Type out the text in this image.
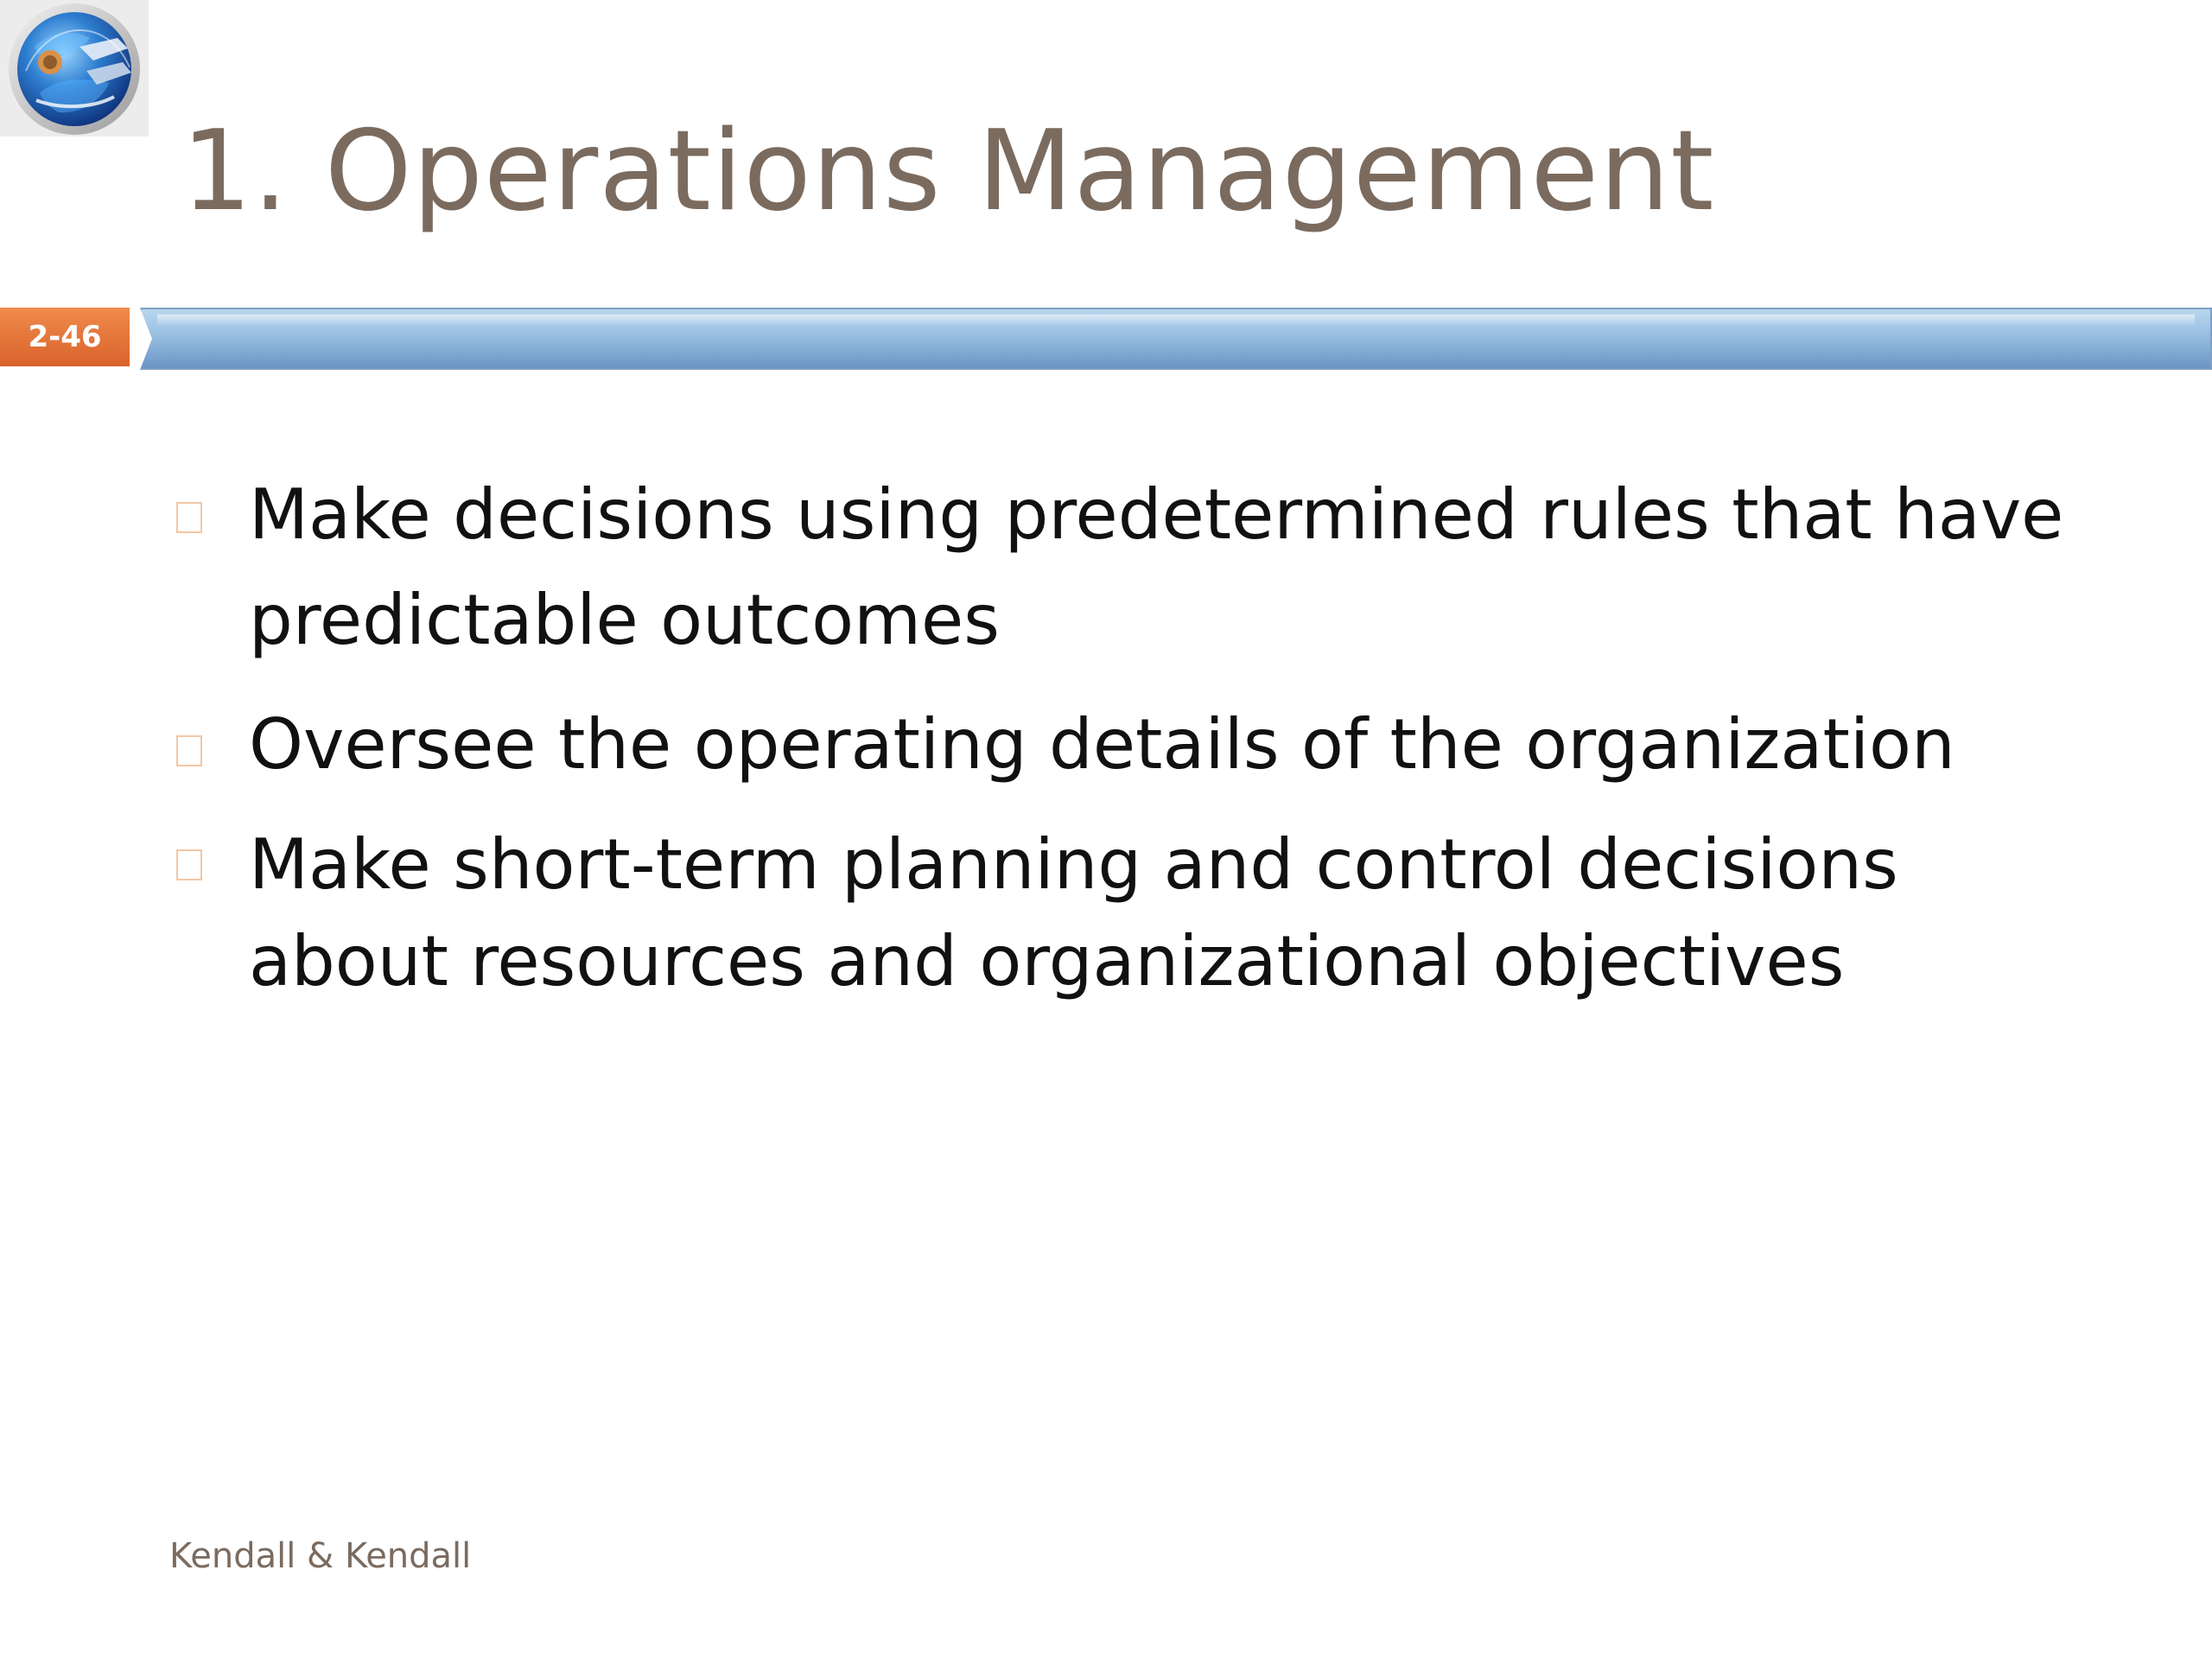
1. Operations Management
2-46
Make decisions using predetermined rules that have predictable outcomes
Oversee the operating details of the organization
Make short-term planning and control decisions about resources and organizational objectives
Kendall & Kendall
